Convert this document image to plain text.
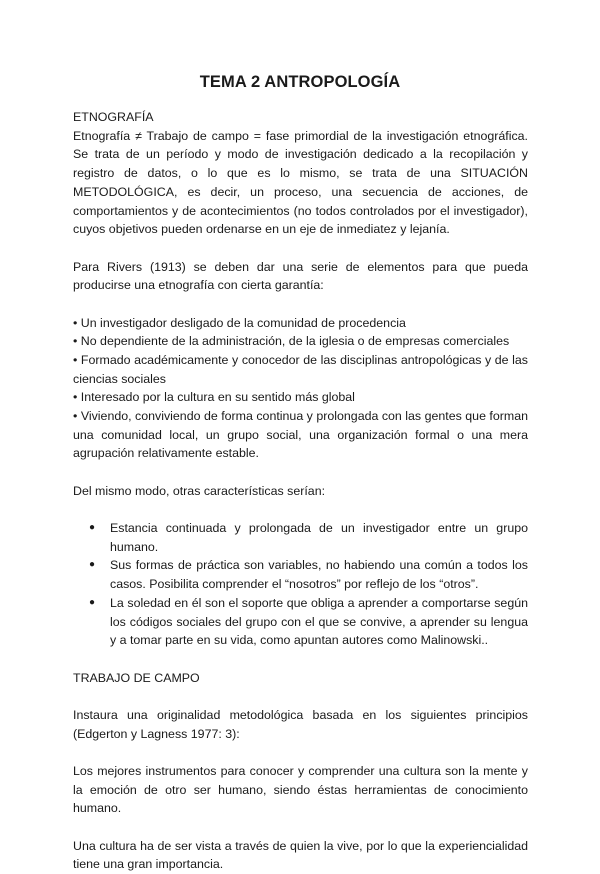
TEMA 2 ANTROPOLOGÍA

ETNOGRAFÍA

Etnografía ≠ Trabajo de campo = fase primordial de la investigación etnográfica. Se trata de un período y modo de investigación dedicado a la recopilación y registro de datos, o lo que es lo mismo, se trata de una SITUACIÓN METODOLÓGICA, es decir, un proceso, una secuencia de acciones, de comportamientos y de acontecimientos (no todos controlados por el investigador), cuyos objetivos pueden ordenarse en un eje de inmediatez y lejanía.

Para Rivers (1913) se deben dar una serie de elementos para que pueda producirse una etnografía con cierta garantía:

• Un investigador desligado de la comunidad de procedencia
• No dependiente de la administración, de la iglesia o de empresas comerciales
• Formado académicamente y conocedor de las disciplinas antropológicas y de las ciencias sociales
• Interesado por la cultura en su sentido más global
• Viviendo, conviviendo de forma continua y prolongada con las gentes que forman una comunidad local, un grupo social, una organización formal o una mera agrupación relativamente estable.

Del mismo modo, otras características serían:

● Estancia continuada y prolongada de un investigador entre un grupo humano.
● Sus formas de práctica son variables, no habiendo una común a todos los casos. Posibilita comprender el “nosotros” por reflejo de los “otros”.
● La soledad en él son el soporte que obliga a aprender a comportarse según los códigos sociales del grupo con el que se convive, a aprender su lengua y a tomar parte en su vida, como apuntan autores como Malinowski..

TRABAJO DE CAMPO

Instaura una originalidad metodológica basada en los siguientes principios (Edgerton y Lagness 1977: 3):

Los mejores instrumentos para conocer y comprender una cultura son la mente y la emoción de otro ser humano, siendo éstas herramientas de conocimiento humano.

Una cultura ha de ser vista a través de quien la vive, por lo que la experiencialidad tiene una gran importancia.
